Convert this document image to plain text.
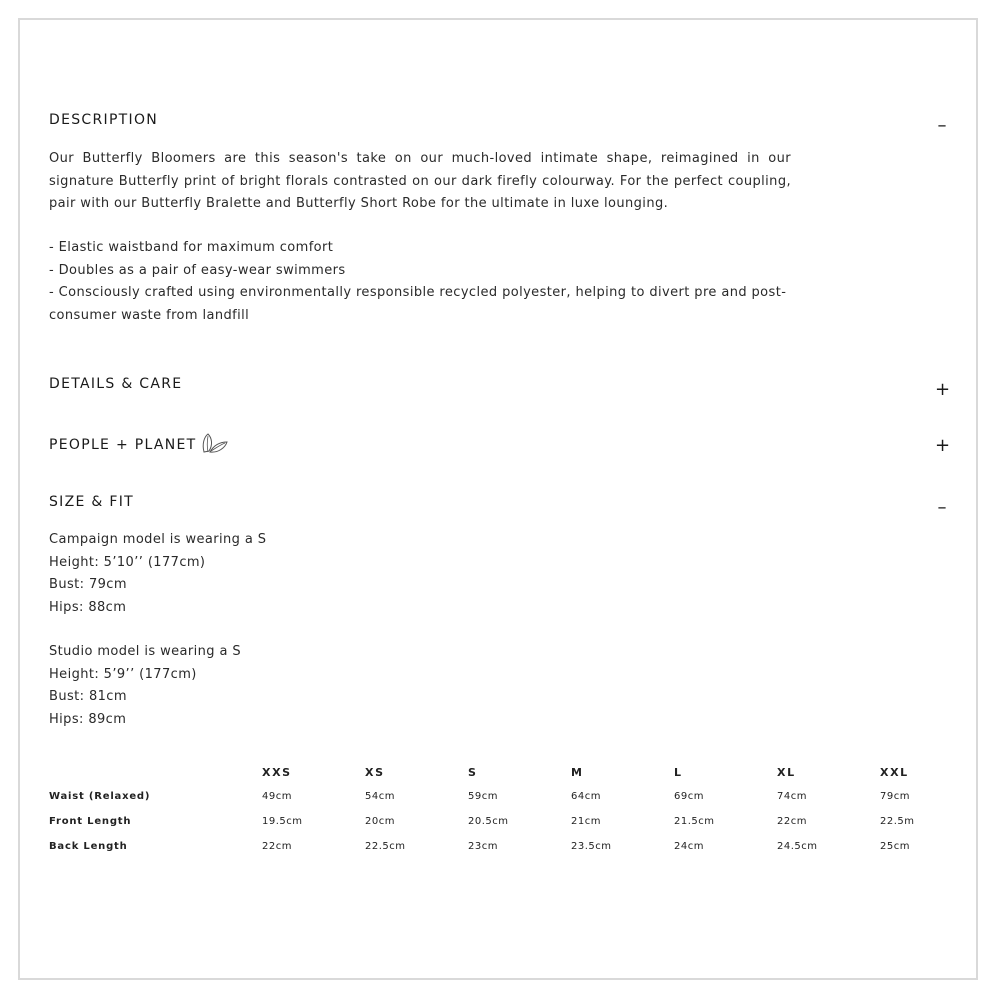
DESCRIPTION	–

Our Butterfly Bloomers are this season's take on our much-loved intimate shape, reimagined in our signature Butterfly print of bright florals contrasted on our dark firefly colourway. For the perfect coupling, pair with our Butterfly Bralette and Butterfly Short Robe for the ultimate in luxe lounging.

- Elastic waistband for maximum comfort
- Doubles as a pair of easy-wear swimmers
- Consciously crafted using environmentally responsible recycled polyester, helping to divert pre and post-consumer waste from landfill
DETAILS & CARE	+
PEOPLE + PLANET	+
SIZE & FIT	–
Campaign model is wearing a S
Height: 5’10’’ (177cm)
Bust: 79cm
Hips: 88cm
Studio model is wearing a S
Height: 5’9’’ (177cm)
Bust: 81cm
Hips: 89cm
	XXS	XS	S	M	L	XL	XXL
Waist (Relaxed)	49cm	54cm	59cm	64cm	69cm	74cm	79cm
Front Length	19.5cm	20cm	20.5cm	21cm	21.5cm	22cm	22.5m
Back Length	22cm	22.5cm	23cm	23.5cm	24cm	24.5cm	25cm
